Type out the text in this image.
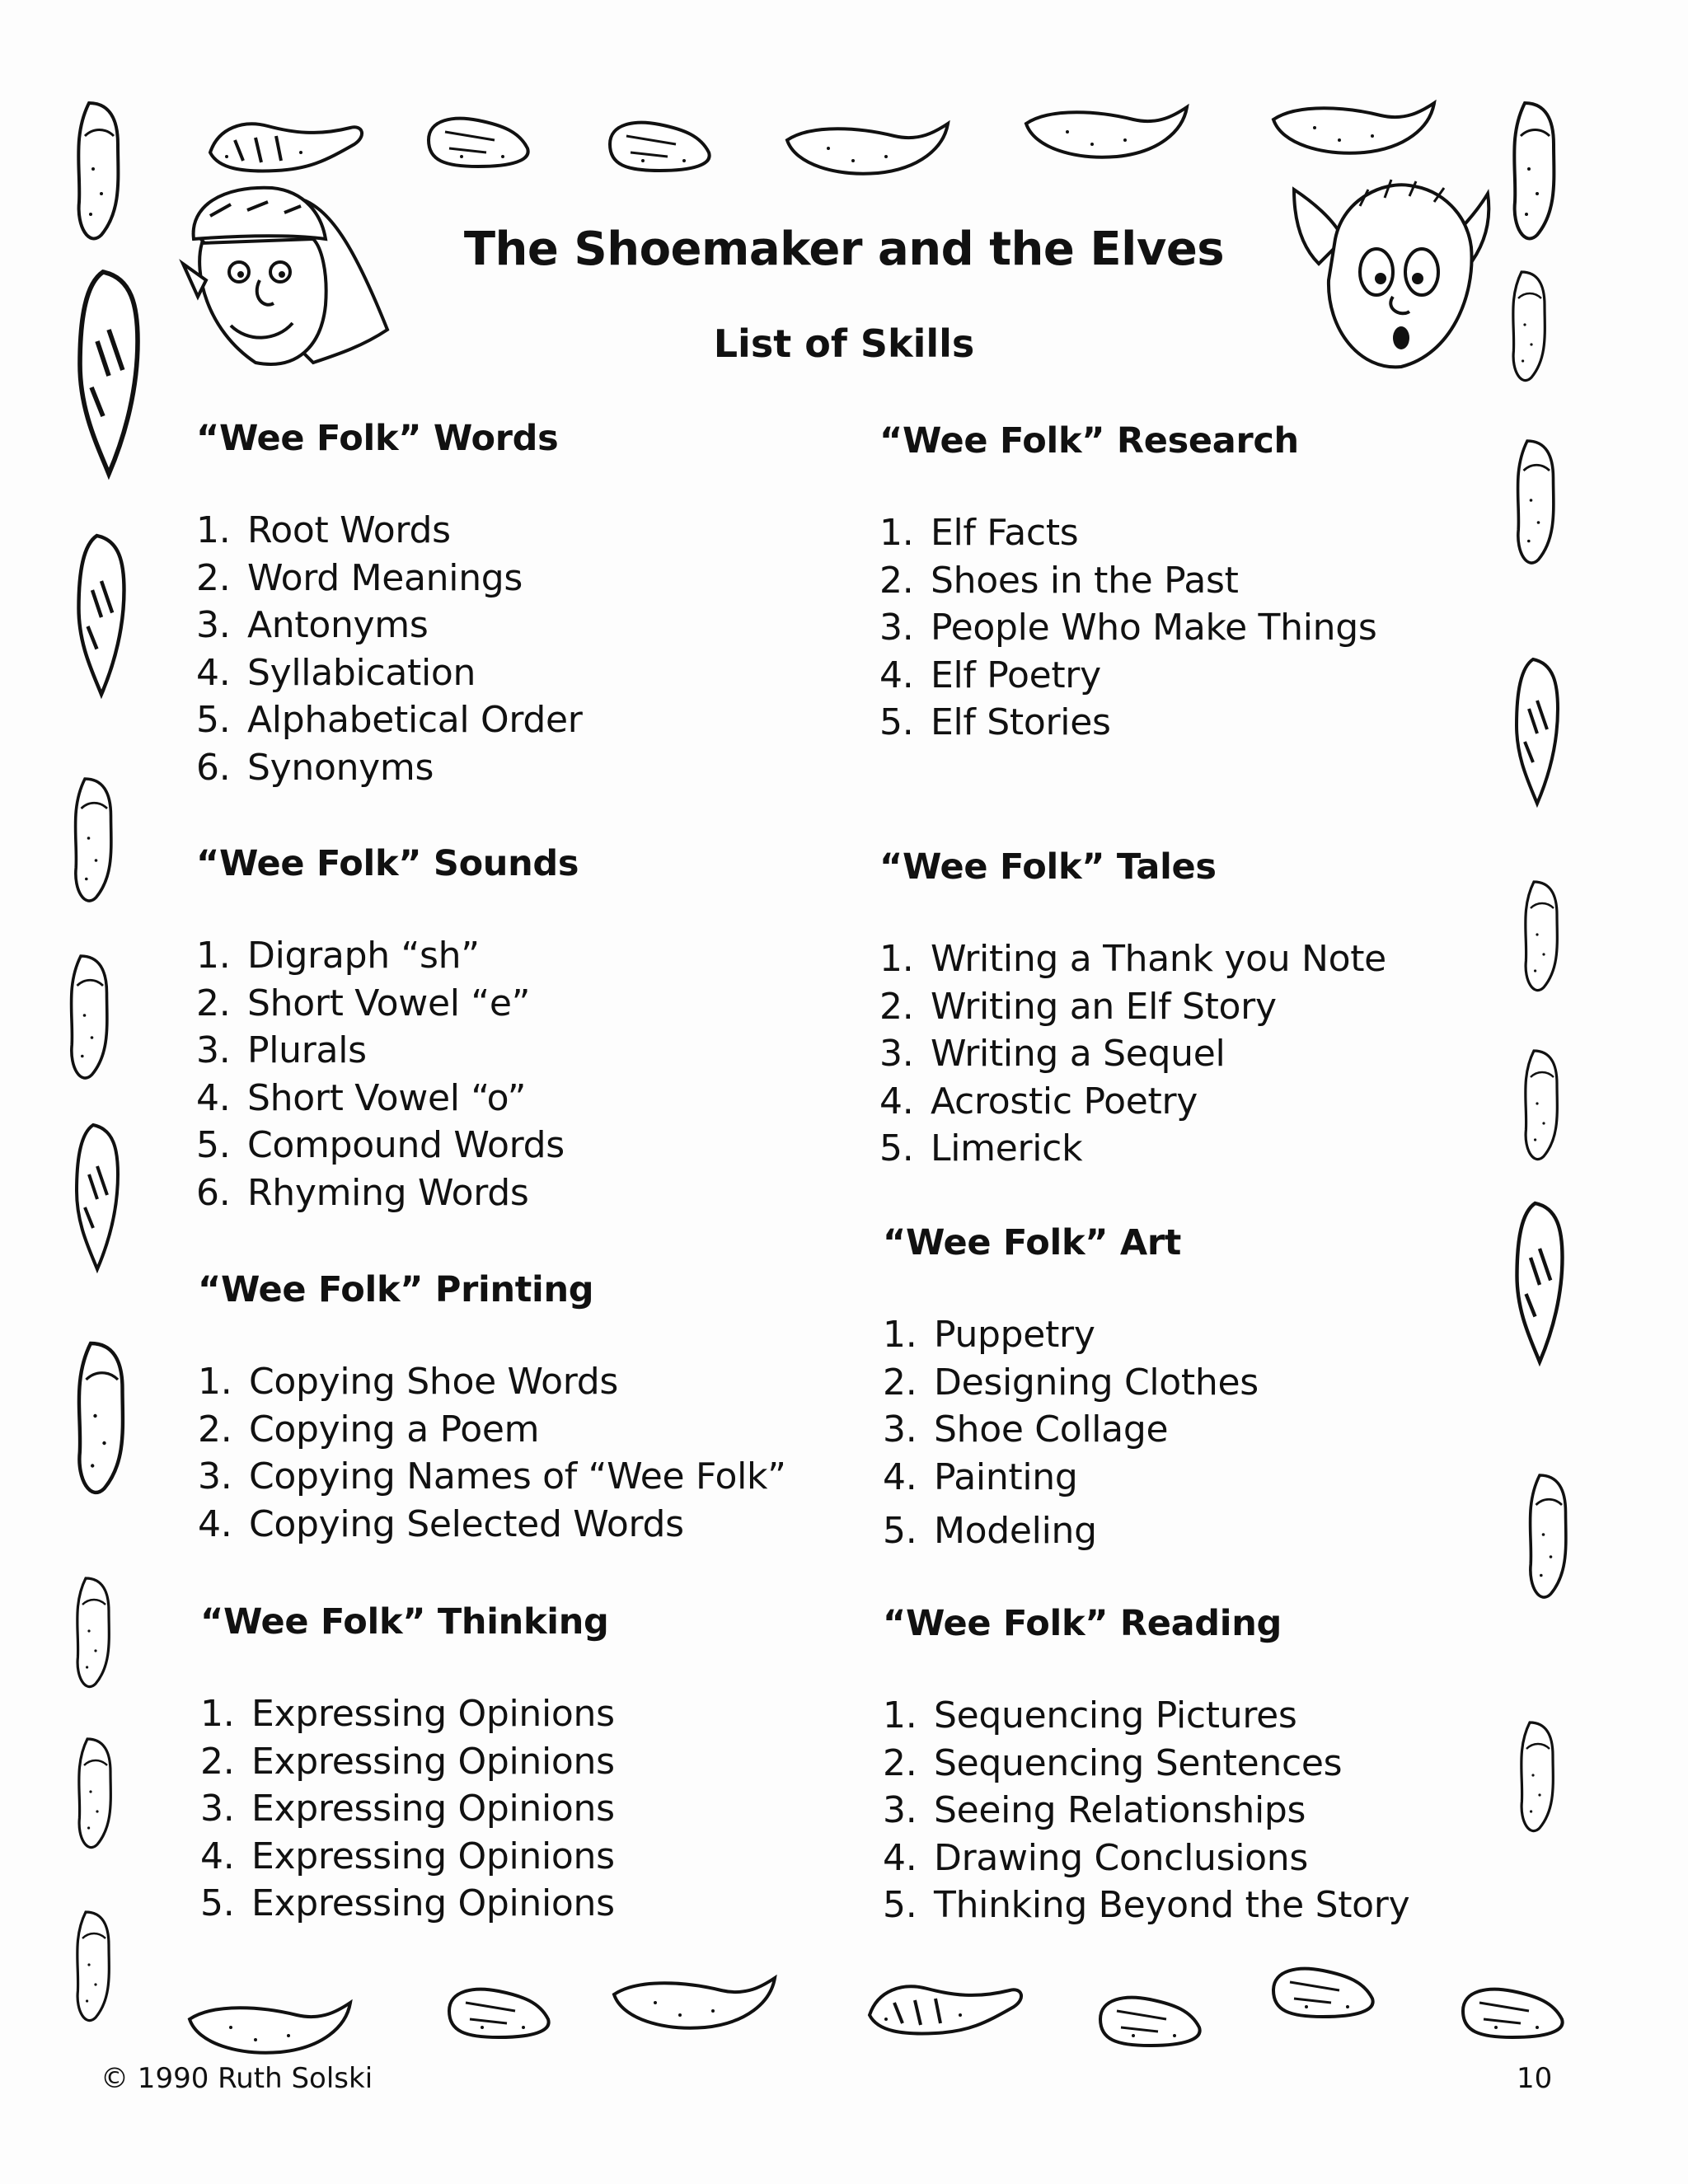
The Shoemaker and the Elves
List of Skills
“Wee Folk” Words
1. Root Words
2. Word Meanings
3. Antonyms
4. Syllabication
5. Alphabetical Order
6. Synonyms
“Wee Folk” Sounds
1. Digraph “sh”
2. Short Vowel “e”
3. Plurals
4. Short Vowel “o”
5. Compound Words
6. Rhyming Words
“Wee Folk” Printing
1. Copying Shoe Words
2. Copying a Poem
3. Copying Names of “Wee Folk”
4. Copying Selected Words
“Wee Folk” Thinking
1. Expressing Opinions
2. Expressing Opinions
3. Expressing Opinions
4. Expressing Opinions
5. Expressing Opinions
“Wee Folk” Research
1. Elf Facts
2. Shoes in the Past
3. People Who Make Things
4. Elf Poetry
5. Elf Stories
“Wee Folk” Tales
1. Writing a Thank you Note
2. Writing an Elf Story
3. Writing a Sequel
4. Acrostic Poetry
5. Limerick
“Wee Folk” Art
1. Puppetry
2. Designing Clothes
3. Shoe Collage
4. Painting
5. Modeling
“Wee Folk” Reading
1. Sequencing Pictures
2. Sequencing Sentences
3. Seeing Relationships
4. Drawing Conclusions
5. Thinking Beyond the Story
© 1990 Ruth Solski	10
